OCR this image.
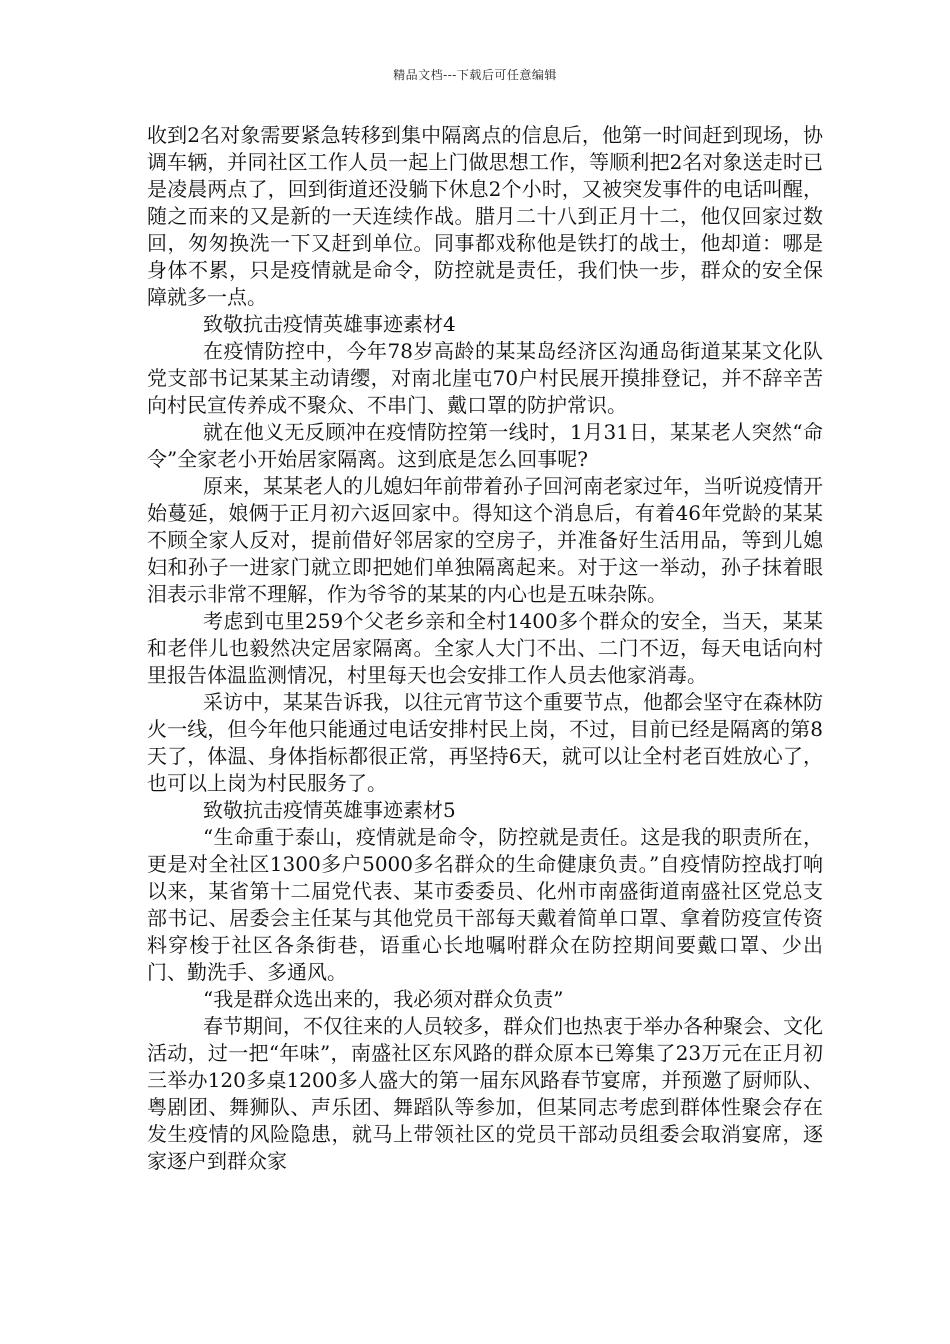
精品文档---下载后可任意编辑

收到2名对象需要紧急转移到集中隔离点的信息后，他第一时间赶到现场，协调车辆，并同社区工作人员一起上门做思想工作，等顺利把2名对象送走时已是凌晨两点了，回到街道还没躺下休息2个小时，又被突发事件的电话叫醒，随之而来的又是新的一天连续作战。腊月二十八到正月十二，他仅回家过数回，匆匆换洗一下又赶到单位。同事都戏称他是铁打的战士，他却道：哪是身体不累，只是疫情就是命令，防控就是责任，我们快一步，群众的安全保障就多一点。

致敬抗击疫情英雄事迹素材4

在疫情防控中，今年78岁高龄的某某岛经济区沟通岛街道某某文化队党支部书记某某主动请缨，对南北崖屯70户村民展开摸排登记，并不辞辛苦向村民宣传养成不聚众、不串门、戴口罩的防护常识。

就在他义无反顾冲在疫情防控第一线时，1月31日，某某老人突然“命令”全家老小开始居家隔离。这到底是怎么回事呢?

原来，某某老人的儿媳妇年前带着孙子回河南老家过年，当听说疫情开始蔓延，娘俩于正月初六返回家中。得知这个消息后，有着46年党龄的某某不顾全家人反对，提前借好邻居家的空房子，并准备好生活用品，等到儿媳妇和孙子一进家门就立即把她们单独隔离起来。对于这一举动，孙子抹着眼泪表示非常不理解，作为爷爷的某某的内心也是五味杂陈。

考虑到屯里259个父老乡亲和全村1400多个群众的安全，当天，某某和老伴儿也毅然决定居家隔离。全家人大门不出、二门不迈，每天电话向村里报告体温监测情况，村里每天也会安排工作人员去他家消毒。

采访中，某某告诉我，以往元宵节这个重要节点，他都会坚守在森林防火一线，但今年他只能通过电话安排村民上岗，不过，目前已经是隔离的第8天了，体温、身体指标都很正常，再坚持6天，就可以让全村老百姓放心了，也可以上岗为村民服务了。

致敬抗击疫情英雄事迹素材5

“生命重于泰山，疫情就是命令，防控就是责任。这是我的职责所在，更是对全社区1300多户5000多名群众的生命健康负责。”自疫情防控战打响以来，某省第十二届党代表、某市委委员、化州市南盛街道南盛社区党总支部书记、居委会主任某与其他党员干部每天戴着简单口罩、拿着防疫宣传资料穿梭于社区各条街巷，语重心长地嘱咐群众在防控期间要戴口罩、少出门、勤洗手、多通风。

“我是群众选出来的，我必须对群众负责”

春节期间，不仅往来的人员较多，群众们也热衷于举办各种聚会、文化活动，过一把“年味”，南盛社区东风路的群众原本已筹集了23万元在正月初三举办120多桌1200多人盛大的第一届东风路春节宴席，并预邀了厨师队、粤剧团、舞狮队、声乐团、舞蹈队等参加，但某同志考虑到群体性聚会存在发生疫情的风险隐患，就马上带领社区的党员干部动员组委会取消宴席，逐家逐户到群众家
